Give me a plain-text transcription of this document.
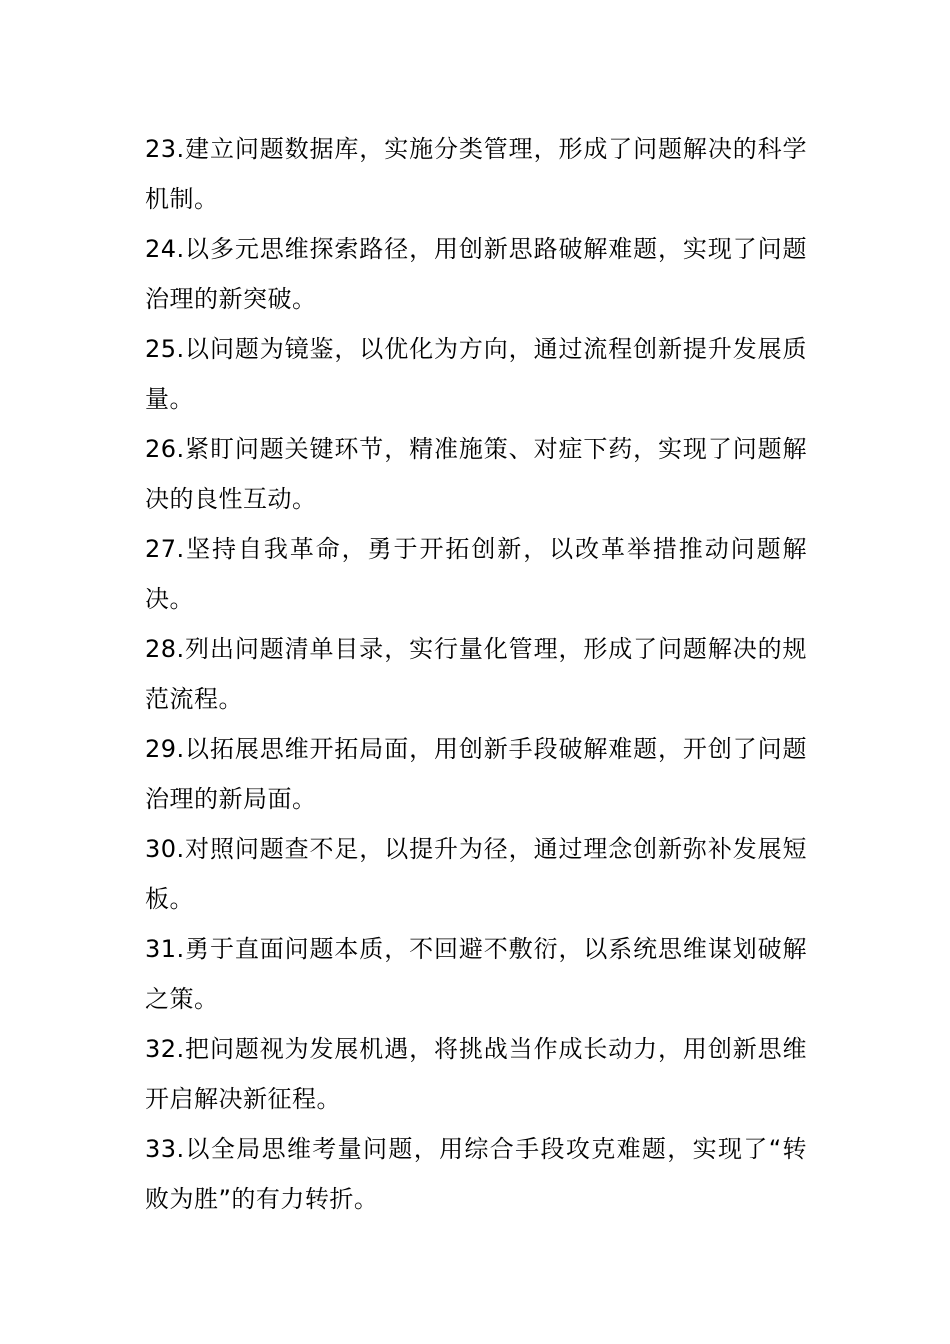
23.建立问题数据库，实施分类管理，形成了问题解决的科学机制。

24.以多元思维探索路径，用创新思路破解难题，实现了问题治理的新突破。

25.以问题为镜鉴，以优化为方向，通过流程创新提升发展质量。

26.紧盯问题关键环节，精准施策、对症下药，实现了问题解决的良性互动。

27.坚持自我革命，勇于开拓创新，以改革举措推动问题解决。

28.列出问题清单目录，实行量化管理，形成了问题解决的规范流程。

29.以拓展思维开拓局面，用创新手段破解难题，开创了问题治理的新局面。

30.对照问题查不足，以提升为径，通过理念创新弥补发展短板。

31.勇于直面问题本质，不回避不敷衍，以系统思维谋划破解之策。

32.把问题视为发展机遇，将挑战当作成长动力，用创新思维开启解决新征程。

33.以全局思维考量问题，用综合手段攻克难题，实现了“转败为胜”的有力转折。
